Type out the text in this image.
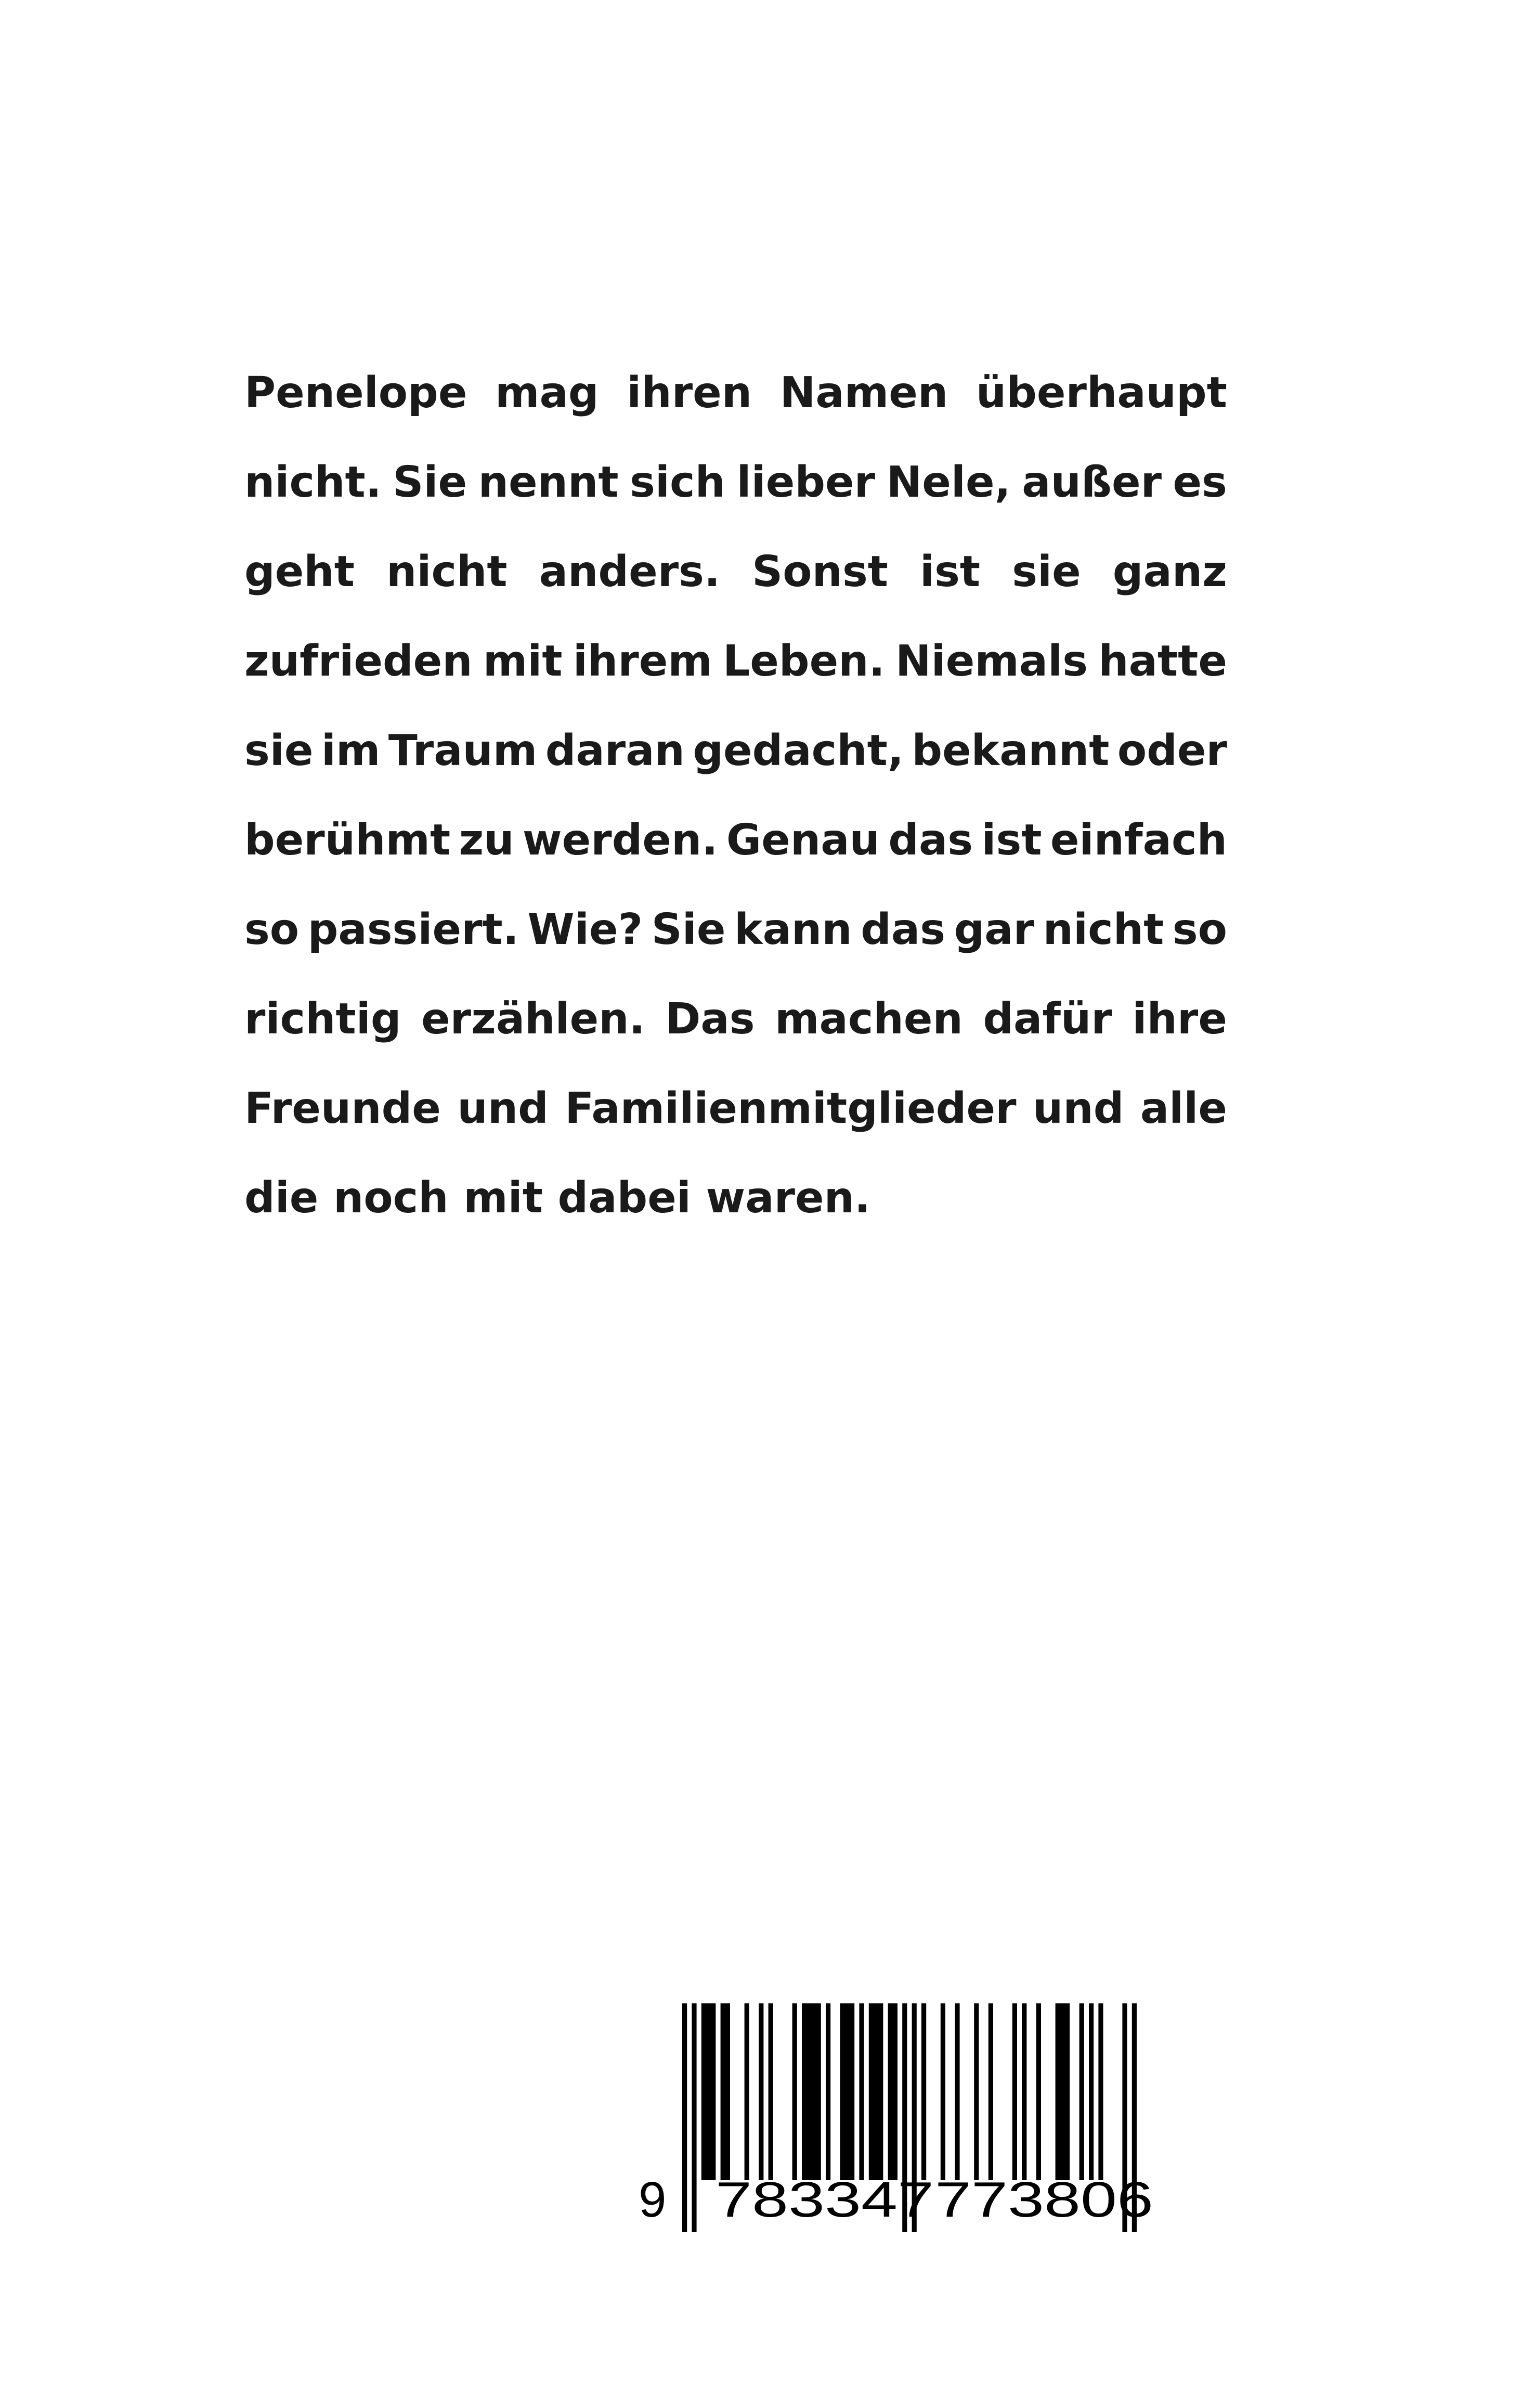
Penelope mag ihren Namen überhaupt
nicht. Sie nennt sich lieber Nele, außer es
geht nicht anders. Sonst ist sie ganz
zufrieden mit ihrem Leben. Niemals hatte
sie im Traum daran gedacht, bekannt oder
berühmt zu werden. Genau das ist einfach
so passiert. Wie? Sie kann das gar nicht so
richtig erzählen. Das machen dafür ihre
Freunde und Familienmitglieder und alle
die noch mit dabei waren.
9 783347 773806
